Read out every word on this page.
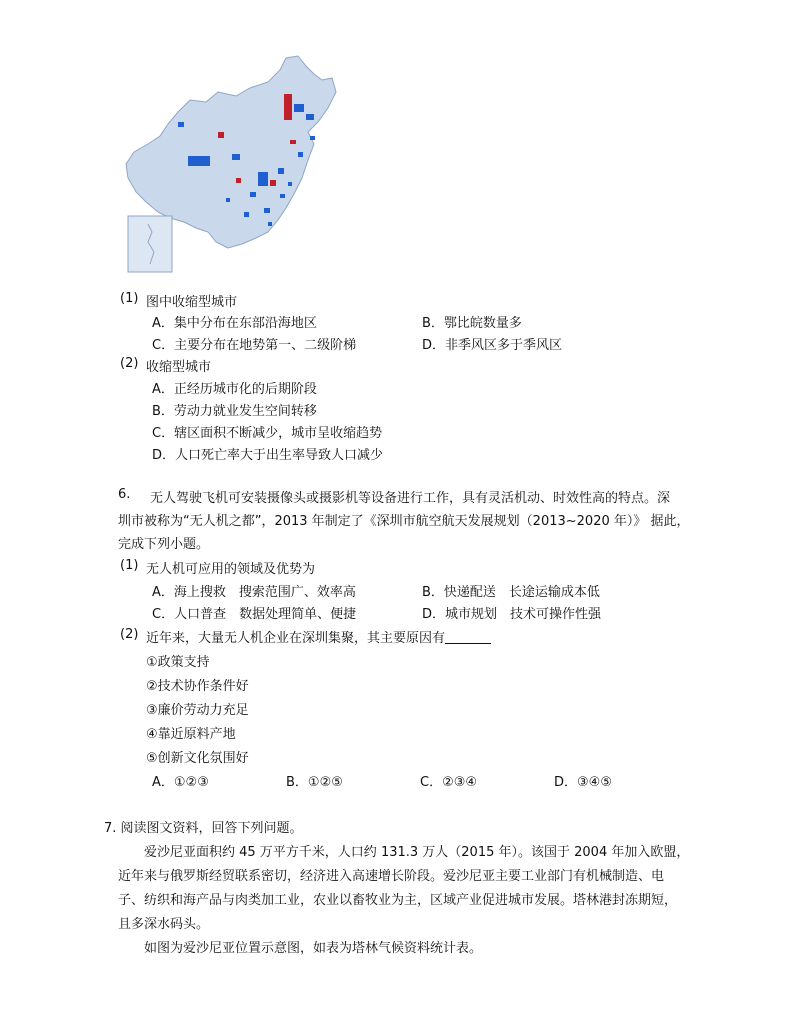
(1) 图中收缩型城市
A．集中分布在东部沿海地区	B．鄂比皖数量多
C．主要分布在地势第一、二级阶梯	D．非季风区多于季风区
(2) 收缩型城市
A．正经历城市化的后期阶段
B．劳动力就业发生空间转移
C．辖区面积不断减少，城市呈收缩趋势
D．人口死亡率大于出生率导致人口减少
6. 无人驾驶飞机可安装摄像头或摄影机等设备进行工作，具有灵活机动、时效性高的特点。深
圳市被称为“无人机之都”，2013 年制定了《深圳市航空航天发展规划（2013~2020 年）》 据此，
完成下列小题。
(1) 无人机可应用的领域及优势为
A．海上搜救　搜索范围广、效率高	B．快递配送　长途运输成本低
C．人口普查　数据处理简单、便捷	D．城市规划　技术可操作性强
(2) 近年来，大量无人机企业在深圳集聚，其主要原因有
①政策支持
②技术协作条件好
③廉价劳动力充足
④靠近原料产地
⑤创新文化氛围好
A．①②③	B．①②⑤	C．②③④	D．③④⑤
7. 阅读图文资料，回答下列问题。
爱沙尼亚面积约 45 万平方千米，人口约 131.3 万人（2015 年）。该国于 2004 年加入欧盟，
近年来与俄罗斯经贸联系密切，经济进入高速增长阶段。爱沙尼亚主要工业部门有机械制造、电
子、纺织和海产品与肉类加工业，农业以畜牧业为主，区域产业促进城市发展。塔林港封冻期短，
且多深水码头。
如图为爱沙尼亚位置示意图，如表为塔林气候资料统计表。
